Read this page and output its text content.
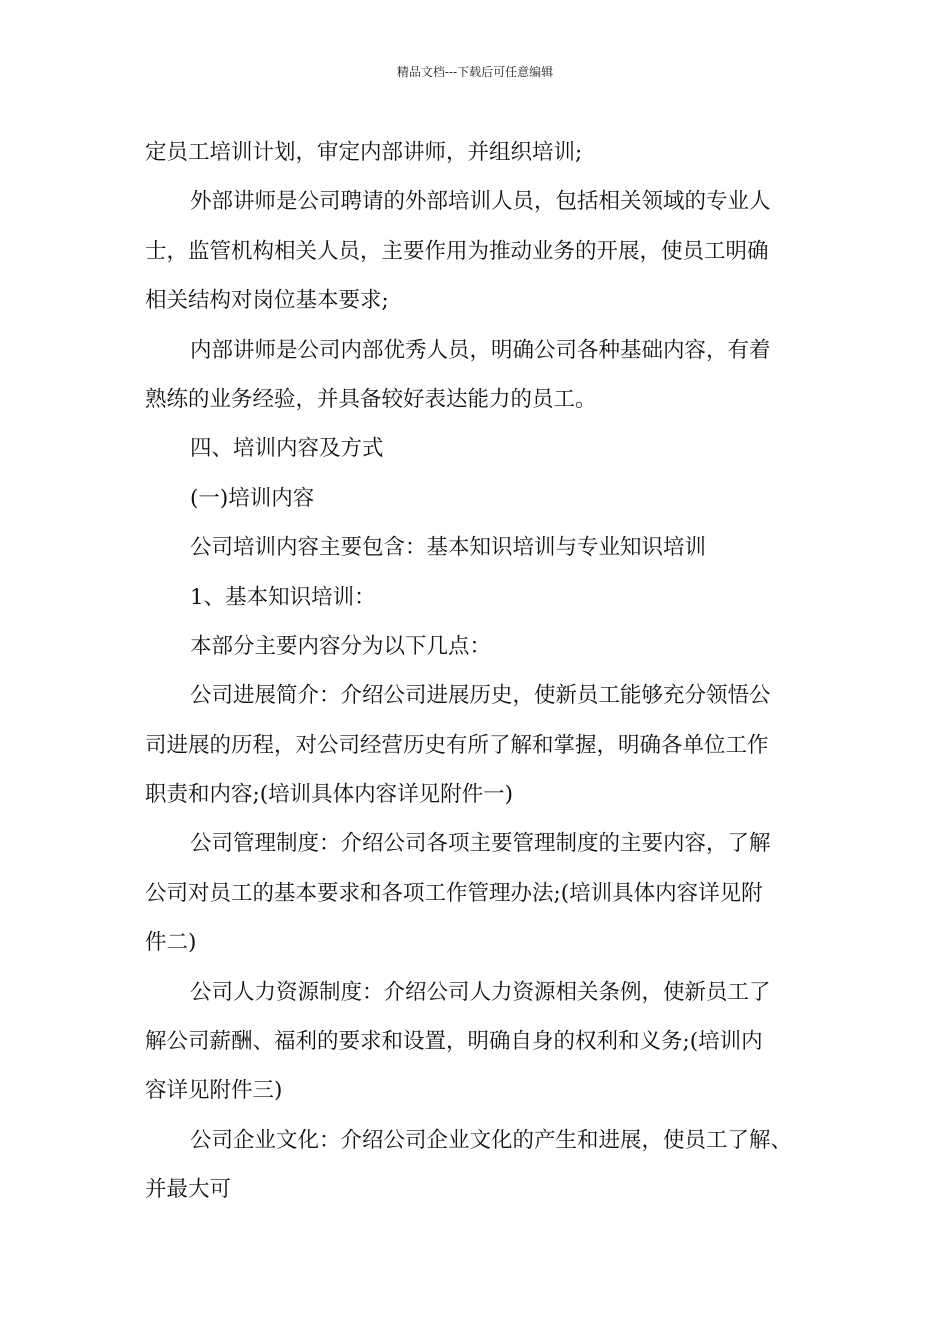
精品文档---下载后可任意编辑
定员工培训计划，审定内部讲师，并组织培训;
外部讲师是公司聘请的外部培训人员，包括相关领域的专业人
士，监管机构相关人员，主要作用为推动业务的开展，使员工明确
相关结构对岗位基本要求;
内部讲师是公司内部优秀人员，明确公司各种基础内容，有着
熟练的业务经验，并具备较好表达能力的员工。
四、培训内容及方式
(一)培训内容
公司培训内容主要包含：基本知识培训与专业知识培训
1、基本知识培训：
本部分主要内容分为以下几点：
公司进展简介：介绍公司进展历史，使新员工能够充分领悟公
司进展的历程，对公司经营历史有所了解和掌握，明确各单位工作
职责和内容;(培训具体内容详见附件一)
公司管理制度：介绍公司各项主要管理制度的主要内容，了解
公司对员工的基本要求和各项工作管理办法;(培训具体内容详见附
件二)
公司人力资源制度：介绍公司人力资源相关条例，使新员工了
解公司薪酬、福利的要求和设置，明确自身的权利和义务;(培训内
容详见附件三)
公司企业文化：介绍公司企业文化的产生和进展，使员工了解、
并最大可
